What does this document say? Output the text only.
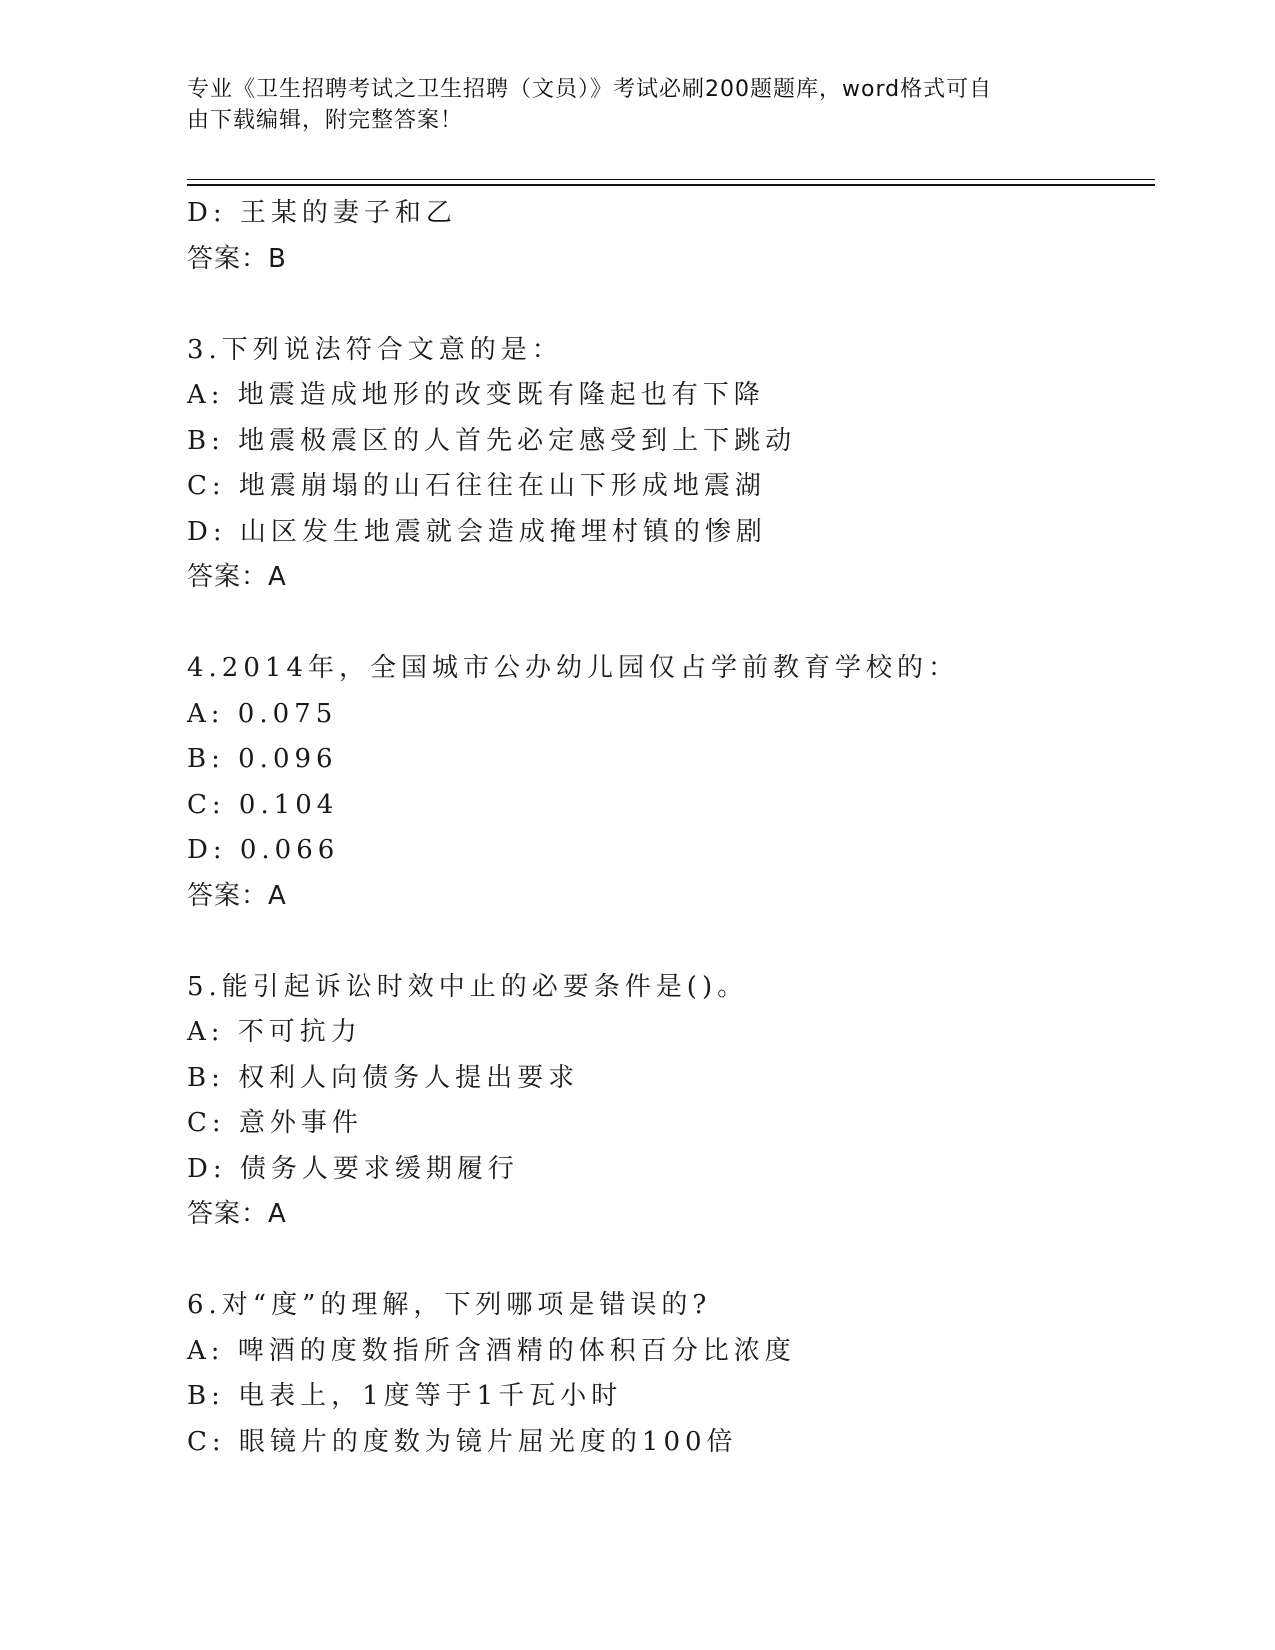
专业《卫生招聘考试之卫生招聘（文员）》考试必刷200题题库，word格式可自
由下载编辑，附完整答案！
D: 王某的妻子和乙
答案：B
3.下列说法符合文意的是：
A: 地震造成地形的改变既有隆起也有下降
B: 地震极震区的人首先必定感受到上下跳动
C: 地震崩塌的山石往往在山下形成地震湖
D: 山区发生地震就会造成掩埋村镇的惨剧
答案：A
4.2014年，全国城市公办幼儿园仅占学前教育学校的：
A: 0.075
B: 0.096
C: 0.104
D: 0.066
答案：A
5.能引起诉讼时效中止的必要条件是()。
A: 不可抗力
B: 权利人向债务人提出要求
C: 意外事件
D: 债务人要求缓期履行
答案：A
6.对“度”的理解，下列哪项是错误的?
A: 啤酒的度数指所含酒精的体积百分比浓度
B: 电表上，1度等于1千瓦小时
C: 眼镜片的度数为镜片屈光度的100倍
